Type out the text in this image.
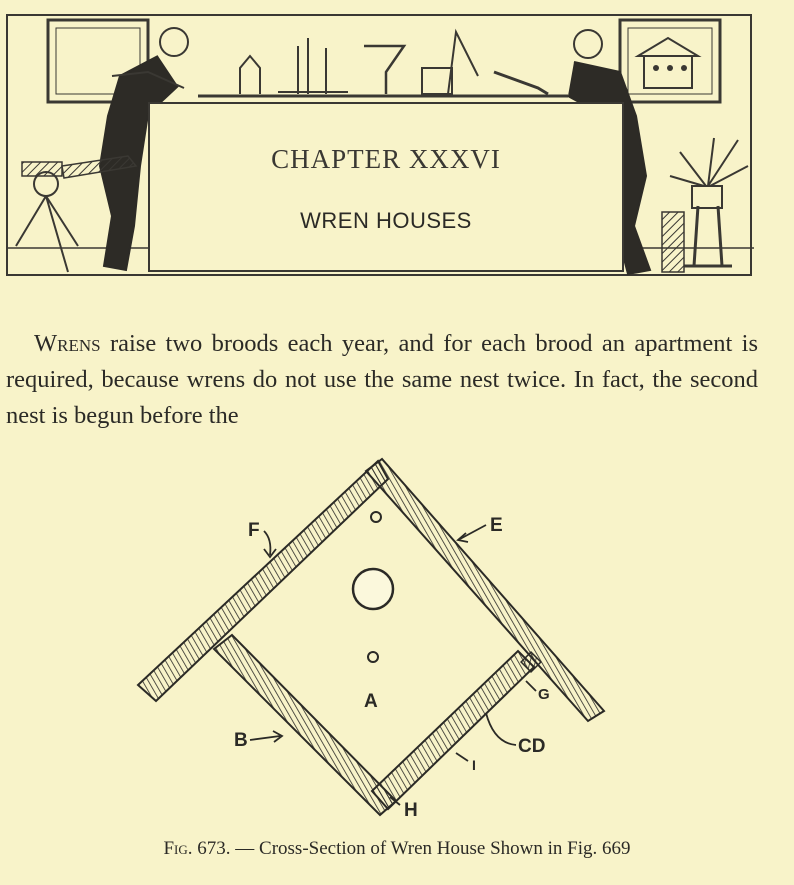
CHAPTER XXXVI
WREN HOUSES

Wrens raise two broods each year, and for each brood an apartment is required, because wrens do not use the same nest twice. In fact, the second nest is begun before the

A
F	E
B
G
CD
I
H
Fig. 673. — Cross-Section of Wren House Shown in Fig. 669
